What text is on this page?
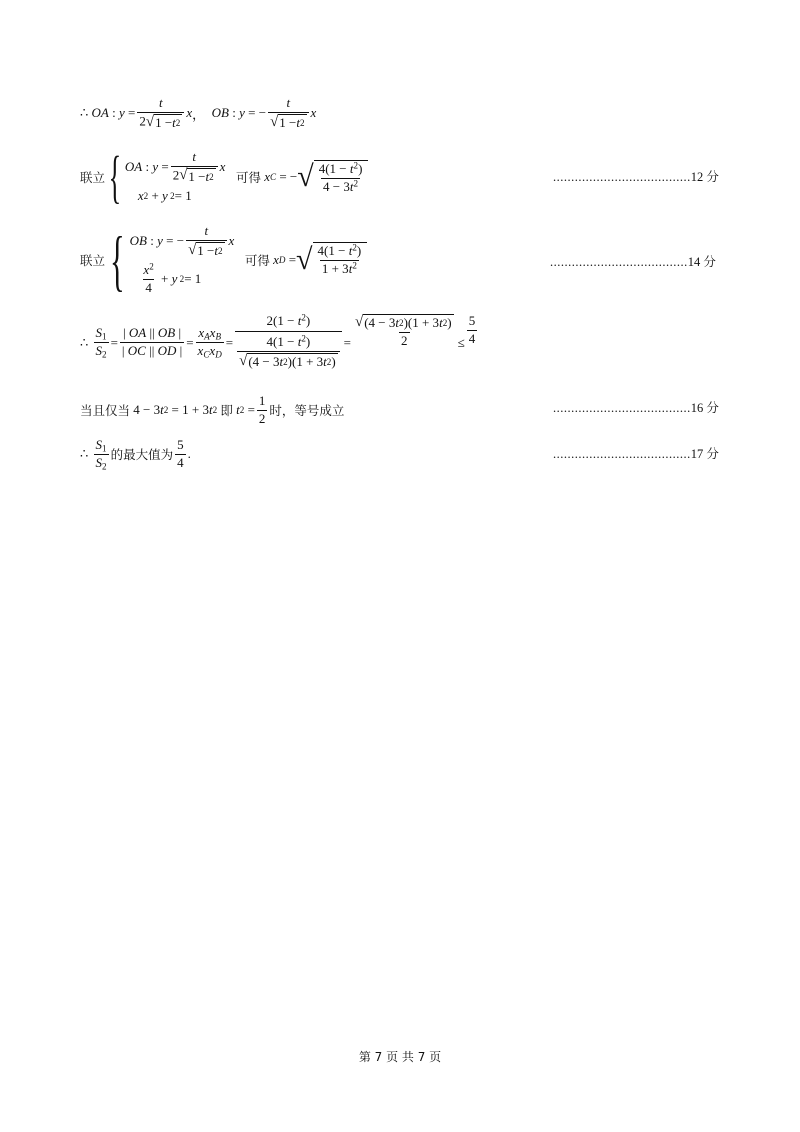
∴
OA : $y = \frac{t}{2 √ 1 - t 2}$ x ，
OB : y = − $\frac{t}{√ 1 - t 2}$ x
联立 { OA : $y = \frac{t}{2 √ 1 - t 2}$ x

x 2 + y 2 = 1

可得
x C = − √ $\frac{4(1 - t^2)}{4 - 3t^2}$	......................................12 分
联立 { OB : y = − $\frac{t}{√ 1 - t 2}$ x

$\frac{x^2}{4} + y$ 2 = 1

可得
x D = √ $\frac{4(1 - t^2)}{1 + 3t^2}$	......................................14 分
∴
$\frac{S_1}{S_2} = \frac{| OA || OB |}{| OC || OD |} = \frac{x_Ax_B}{x_Cx_D} = \frac{2(1 - t^2)}{\frac{4(1 - t^2)}{√ (4 - 3 t 2 )(1 + 3 t 2 )}} = \frac{√ (4 - 3 t 2 )(1 + 3 t 2 )}{2} \le \frac{5}{4}$
当且仅当 4 − 3 t 2 = 1 + 3 t 2
即
t $2 = \frac{1}{2}$ 时，等号成立	......................................16 分
∴
$\frac{S_1}{S_2}$ 的最大值为 $\frac{5}{4}$ .	......................................17 分
第 7 页 共 7 页
